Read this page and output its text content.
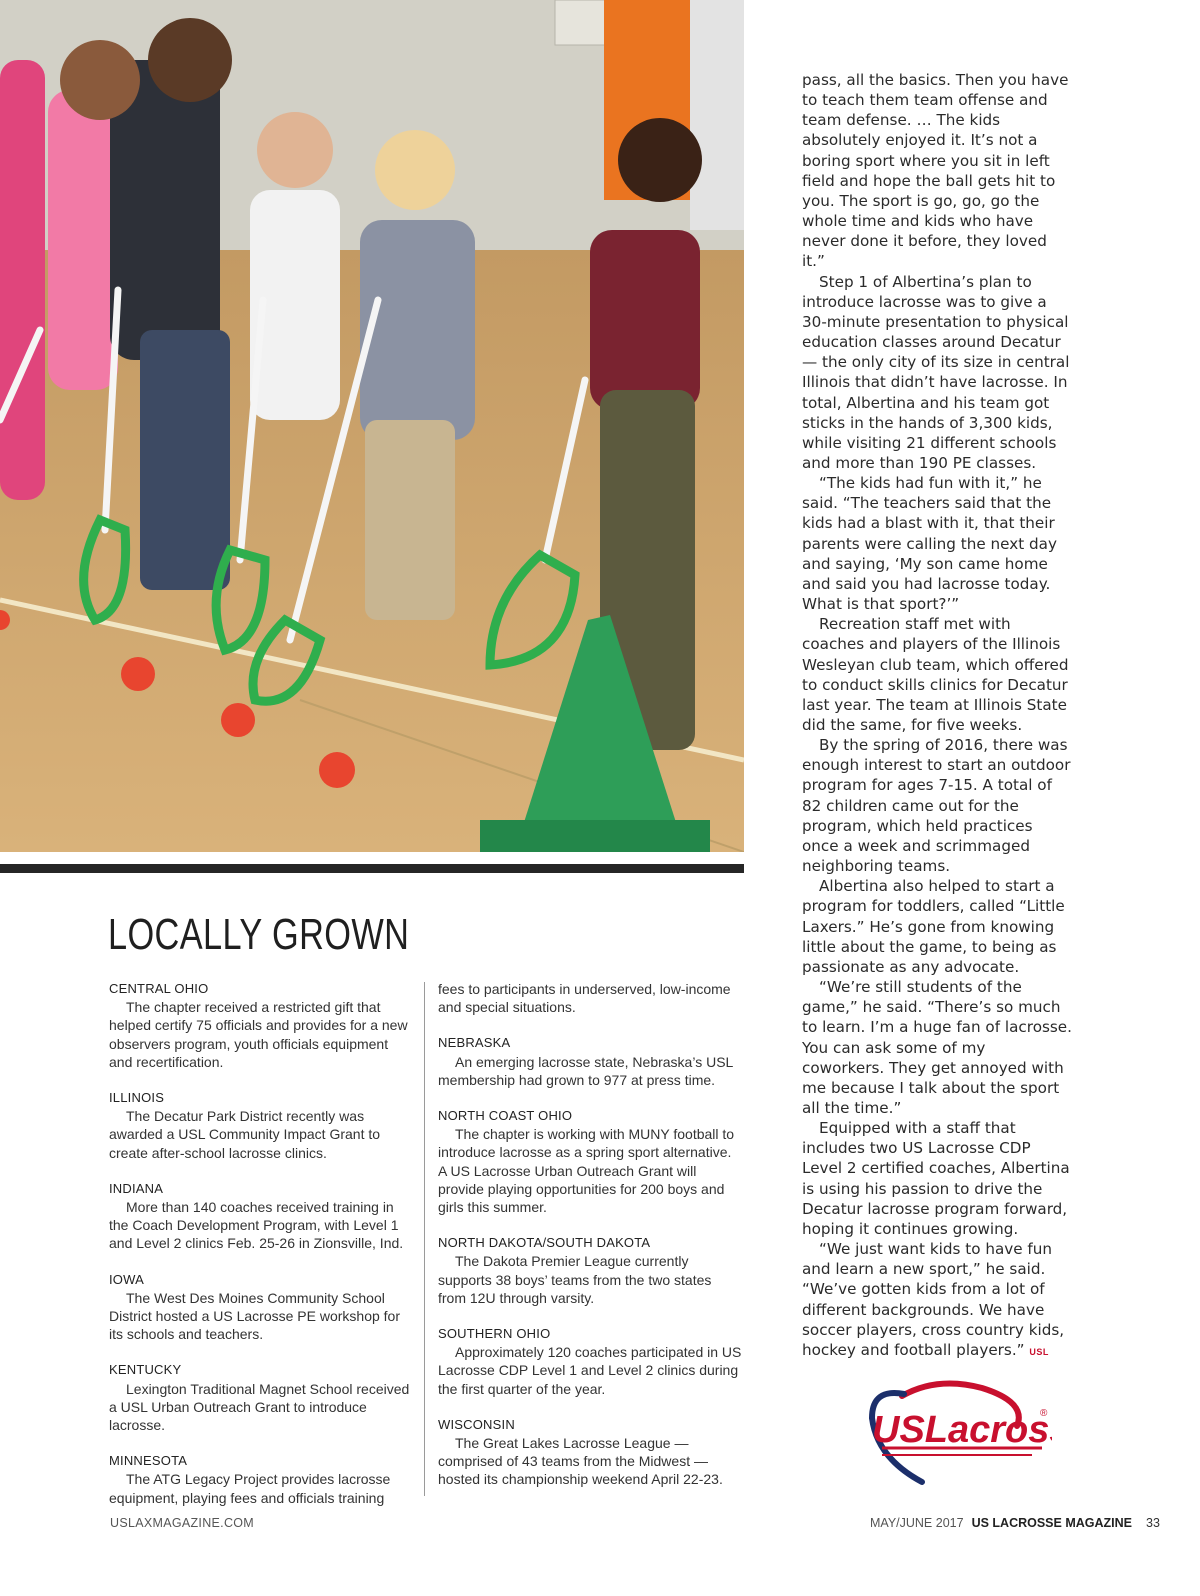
pass, all the basics. Then you have to teach them team offense and team defense. … The kids absolutely enjoyed it. It’s not a boring sport where you sit in left field and hope the ball gets hit to you. The sport is go, go, go the whole time and kids who have never done it before, they loved it.”

Step 1 of Albertina’s plan to introduce lacrosse was to give a 30-minute presentation to physical education classes around Decatur — the only city of its size in central Illinois that didn’t have lacrosse. In total, Albertina and his team got sticks in the hands of 3,300 kids, while visiting 21 different schools and more than 190 PE classes.

“The kids had fun with it,” he said. “The teachers said that the kids had a blast with it, that their parents were calling the next day and saying, ‘My son came home and said you had lacrosse today. What is that sport?’”

Recreation staff met with coaches and players of the Illinois Wesleyan club team, which offered to conduct skills clinics for Decatur last year. The team at Illinois State did the same, for five weeks.

By the spring of 2016, there was enough interest to start an outdoor program for ages 7-15. A total of 82 children came out for the program, which held practices once a week and scrimmaged neighboring teams.

Albertina also helped to start a program for toddlers, called “Little Laxers.” He’s gone from knowing little about the game, to being as passionate as any advocate.

“We’re still students of the game,” he said. “There’s so much to learn. I’m a huge fan of lacrosse. You can ask some of my coworkers. They get annoyed with me because I talk about the sport all the time.”

Equipped with a staff that includes two US Lacrosse CDP Level 2 certified coaches, Albertina is using his passion to drive the Decatur lacrosse program forward, hoping it continues growing.

“We just want kids to have fun and learn a new sport,” he said. “We’ve gotten kids from a lot of different backgrounds. We have soccer players, cross country kids, hockey and football players.” USL

LOCALLY GROWN
CENTRAL OHIO
The chapter received a restricted gift that helped certify 75 officials and provides for a new observers program, youth officials equipment and recertification.
ILLINOIS
The Decatur Park District recently was awarded a USL Community Impact Grant to create after-school lacrosse clinics.
INDIANA
More than 140 coaches received training in the Coach Development Program, with Level 1 and Level 2 clinics Feb. 25-26 in Zionsville, Ind.
IOWA
The West Des Moines Community School District hosted a US Lacrosse PE workshop for its schools and teachers.
KENTUCKY
Lexington Traditional Magnet School received a USL Urban Outreach Grant to introduce lacrosse.
MINNESOTA
The ATG Legacy Project provides lacrosse equipment, playing fees and officials training
fees to participants in underserved, low-income and special situations.
NEBRASKA
An emerging lacrosse state, Nebraska’s USL membership had grown to 977 at press time.
NORTH COAST OHIO
The chapter is working with MUNY football to introduce lacrosse as a spring sport alternative. A US Lacrosse Urban Outreach Grant will provide playing opportunities for 200 boys and girls this summer.
NORTH DAKOTA/SOUTH DAKOTA
The Dakota Premier League currently supports 38 boys’ teams from the two states from 12U through varsity.
SOUTHERN OHIO
Approximately 120 coaches participated in US Lacrosse CDP Level 1 and Level 2 clinics during the first quarter of the year.
WISCONSIN
The Great Lakes Lacrosse League — comprised of 43 teams from the Midwest — hosted its championship weekend April 22-23.
USLacros
®
USLAXMAGAZINE.COM	MAY/JUNE 2017 US LACROSSE MAGAZINE 33
